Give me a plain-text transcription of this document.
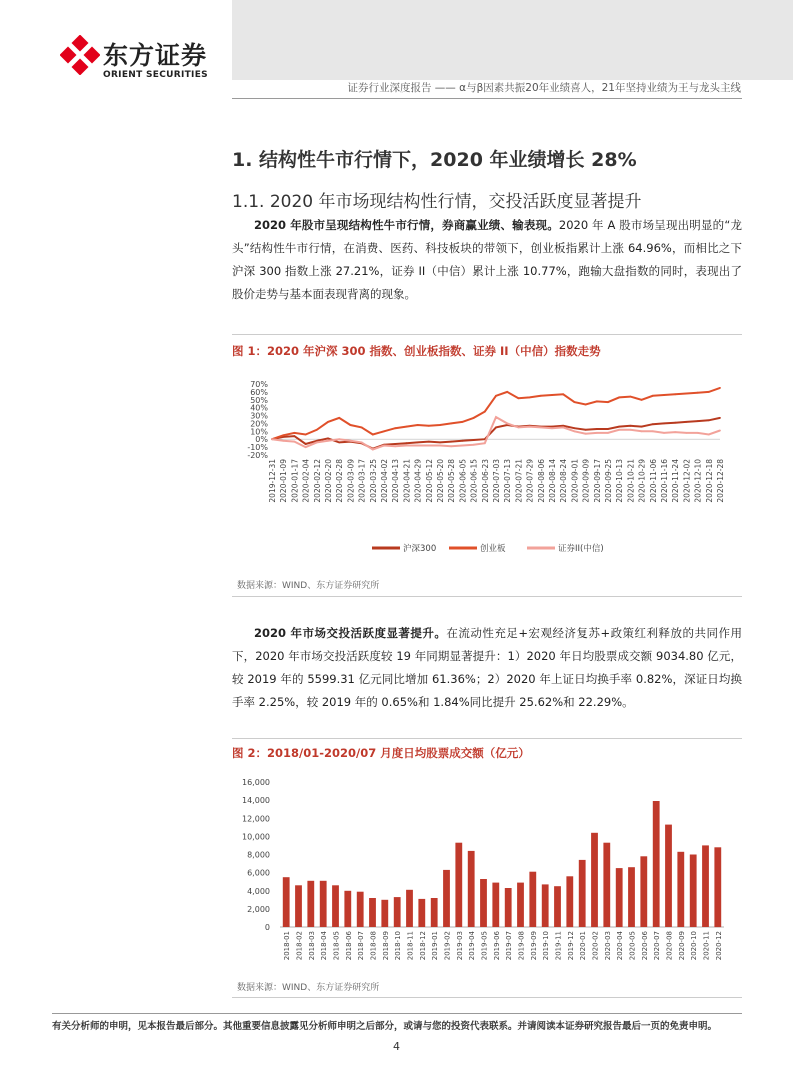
东方证券
ORIENT SECURITIES
证券行业深度报告 —— α与β因素共振20年业绩喜人，21年坚持业绩为王与龙头主线
1. 结构性牛市行情下，2020 年业绩增长 28%
1.1. 2020 年市场现结构性行情，交投活跃度显著提升
2020 年股市呈现结构性牛市行情，券商赢业绩、输表现。2020 年 A 股市场呈现出明显的“龙头”结构性牛市行情，在消费、医药、科技板块的带领下，创业板指累计上涨 64.96%，而相比之下沪深 300 指数上涨 27.21%，证券 II（中信）累计上涨 10.77%，跑输大盘指数的同时，表现出了股价走势与基本面表现背离的现象。
图 1：2020 年沪深 300 指数、创业板指数、证券 II（中信）指数走势
70%
60%
50%
40%
30%
20%
10%
0%
-10%
-20%
2019-12-31 2020-01-09 2020-01-17 2020-02-04 2020-02-12 2020-02-20 2020-02-28 2020-03-09 2020-03-17 2020-03-25 2020-04-02 2020-04-13 2020-04-21 2020-04-29 2020-05-12 2020-05-20 2020-05-28 2020-06-05 2020-06-15 2020-06-23 2020-07-03 2020-07-13 2020-07-21 2020-07-29 2020-08-06 2020-08-14 2020-08-24 2020-09-01 2020-09-09 2020-09-17 2020-09-25 2020-10-13 2020-10-21 2020-10-29 2020-11-06 2020-11-16 2020-11-24 2020-12-02 2020-12-10 2020-12-18 2020-12-28
沪深300	创业板	证券II(中信)
数据来源：WIND、东方证券研究所
2020 年市场交投活跃度显著提升。在流动性充足+宏观经济复苏+政策红利释放的共同作用下，2020 年市场交投活跃度较 19 年同期显著提升：1）2020 年日均股票成交额 9034.80 亿元，较 2019 年的 5599.31 亿元同比增加 61.36%；2）2020 年上证日均换手率 0.82%，深证日均换手率 2.25%，较 2019 年的 0.65%和 1.84%同比提升 25.62%和 22.29%。
图 2：2018/01-2020/07 月度日均股票成交额（亿元）
16,000
14,000
12,000
10,000
8,000
6,000
4,000
2,000
0
2018-01 2018-02 2018-03 2018-04 2018-05 2018-06 2018-07 2018-08 2018-09 2018-10 2018-11 2018-12 2019-01 2019-02 2019-03 2019-04 2019-05 2019-06 2019-07 2019-08 2019-09 2019-10 2019-11 2019-12 2020-01 2020-02 2020-03 2020-04 2020-05 2020-06 2020-07 2020-08 2020-09 2020-10 2020-11 2020-12
数据来源：WIND、东方证券研究所
有关分析师的申明，见本报告最后部分。其他重要信息披露见分析师申明之后部分，或请与您的投资代表联系。并请阅读本证券研究报告最后一页的免责申明。
4
